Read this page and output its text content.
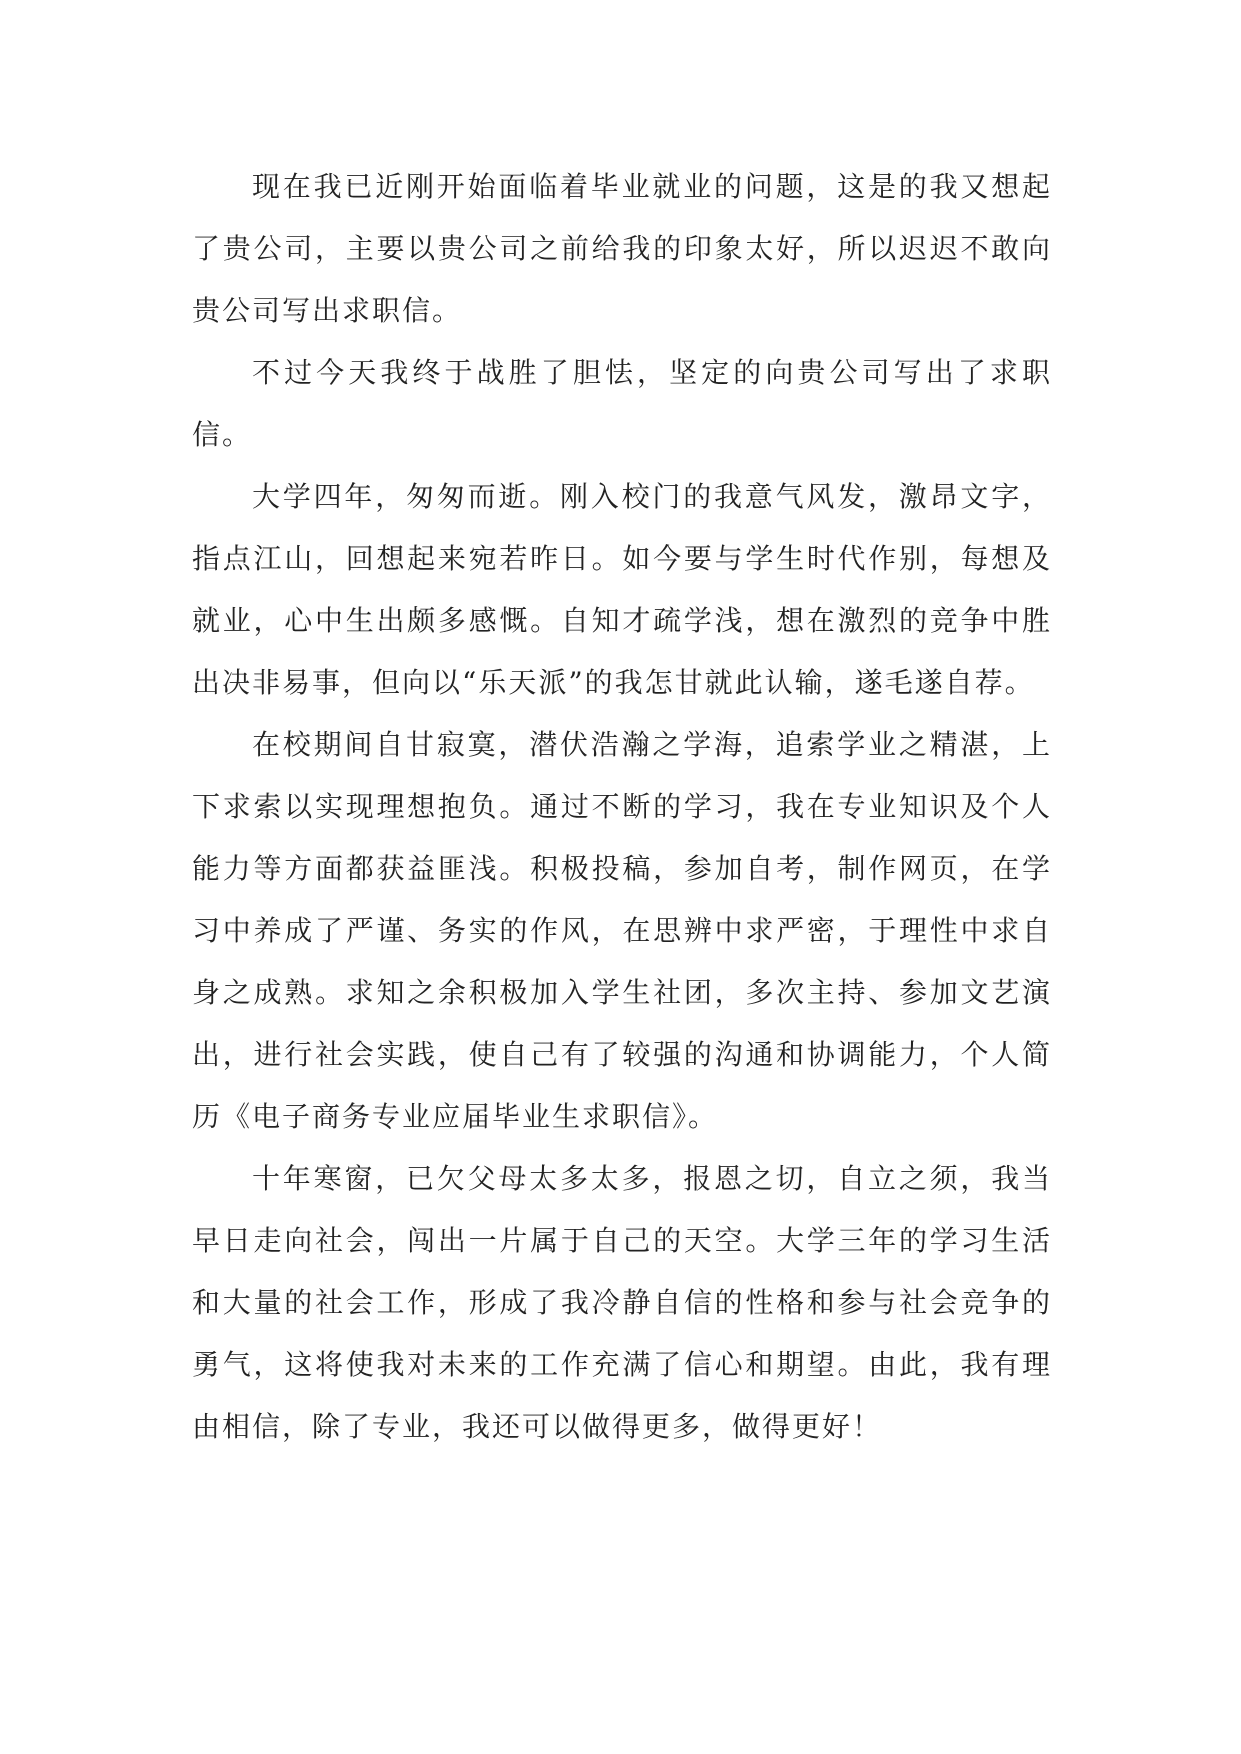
现在我已近刚开始面临着毕业就业的问题，这是的我又想起了贵公司，主要以贵公司之前给我的印象太好，所以迟迟不敢向贵公司写出求职信。

不过今天我终于战胜了胆怯，坚定的向贵公司写出了求职信。

大学四年，匆匆而逝。刚入校门的我意气风发，激昂文字，指点江山，回想起来宛若昨日。如今要与学生时代作别，每想及就业，心中生出颇多感慨。自知才疏学浅，想在激烈的竞争中胜出决非易事，但向以“乐天派”的我怎甘就此认输，遂毛遂自荐。

在校期间自甘寂寞，潜伏浩瀚之学海，追索学业之精湛，上下求索以实现理想抱负。通过不断的学习，我在专业知识及个人能力等方面都获益匪浅。积极投稿，参加自考，制作网页，在学习中养成了严谨、务实的作风，在思辨中求严密，于理性中求自身之成熟。求知之余积极加入学生社团，多次主持、参加文艺演出，进行社会实践，使自己有了较强的沟通和协调能力，个人简历《电子商务专业应届毕业生求职信》。

十年寒窗，已欠父母太多太多，报恩之切，自立之须，我当早日走向社会，闯出一片属于自己的天空。大学三年的学习生活和大量的社会工作，形成了我冷静自信的性格和参与社会竞争的勇气，这将使我对未来的工作充满了信心和期望。由此，我有理由相信，除了专业，我还可以做得更多，做得更好！
